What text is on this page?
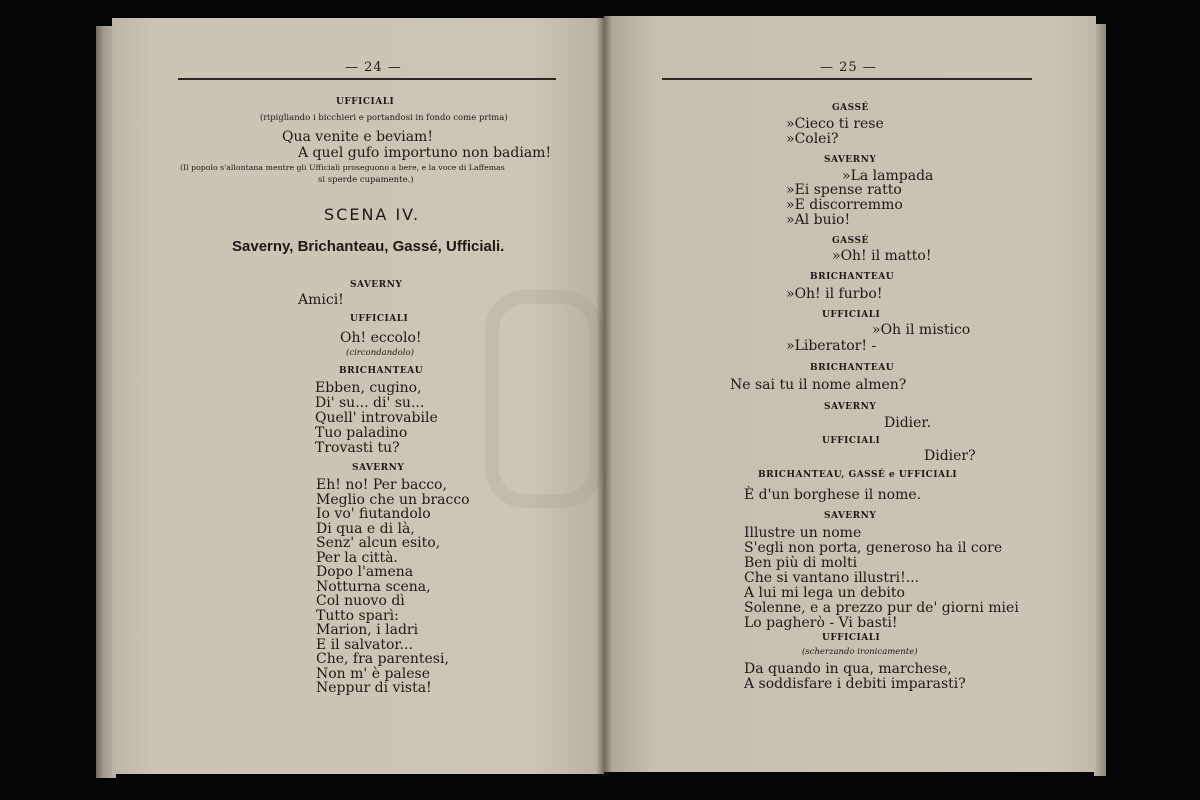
— 24 —
UFFICIALI
(ripigliando i bicchieri e portandosi in fondo come prima)
Qua venite e beviam!
A quel gufo importuno non badiam!
(Il popolo s'allontana mentre gli Ufficiali proseguono a bere, e la voce di Laffemas
si sperde cupamente.)
SCENA IV.
Saverny, Brichanteau, Gassé, Ufficiali.
SAVERNY
Amici!
UFFICIALI
Oh! eccolo!
(circondandolo)
BRICHANTEAU
Ebben, cugino,
Di' su... di' su...
Quell' introvabile
Tuo paladino
Trovasti tu?
SAVERNY
Eh! no! Per bacco,
Meglio che un bracco
Io vo' fiutandolo
Di qua e di là,
Senz' alcun esito,
Per la città.
Dopo l'amena
Notturna scena,
Col nuovo dì
Tutto sparì:
Marion, i ladri
E il salvator...
Che, fra parentesi,
Non m' è palese
Neppur di vista!
— 25 —
GASSÉ
»Cieco ti rese
»Colei?
SAVERNY
»La lampada
»Ei spense ratto
»E discorremmo
»Al buio!
GASSÉ
»Oh! il matto!
BRICHANTEAU
»Oh! il furbo!
UFFICIALI
»Oh il mistico
»Liberator! -
BRICHANTEAU
Ne sai tu il nome almen?
SAVERNY
Didier.
UFFICIALI
Didier?
BRICHANTEAU, GASSÉ e UFFICIALI
È d'un borghese il nome.
SAVERNY
Illustre un nome
S'egli non porta, generoso ha il core
Ben più di molti
Che si vantano illustri!...
A lui mi lega un debito
Solenne, e a prezzo pur de' giorni miei
Lo pagherò - Vi basti!
UFFICIALI
(scherzando ironicamente)
Da quando in qua, marchese,
A soddisfare i debiti imparasti?
